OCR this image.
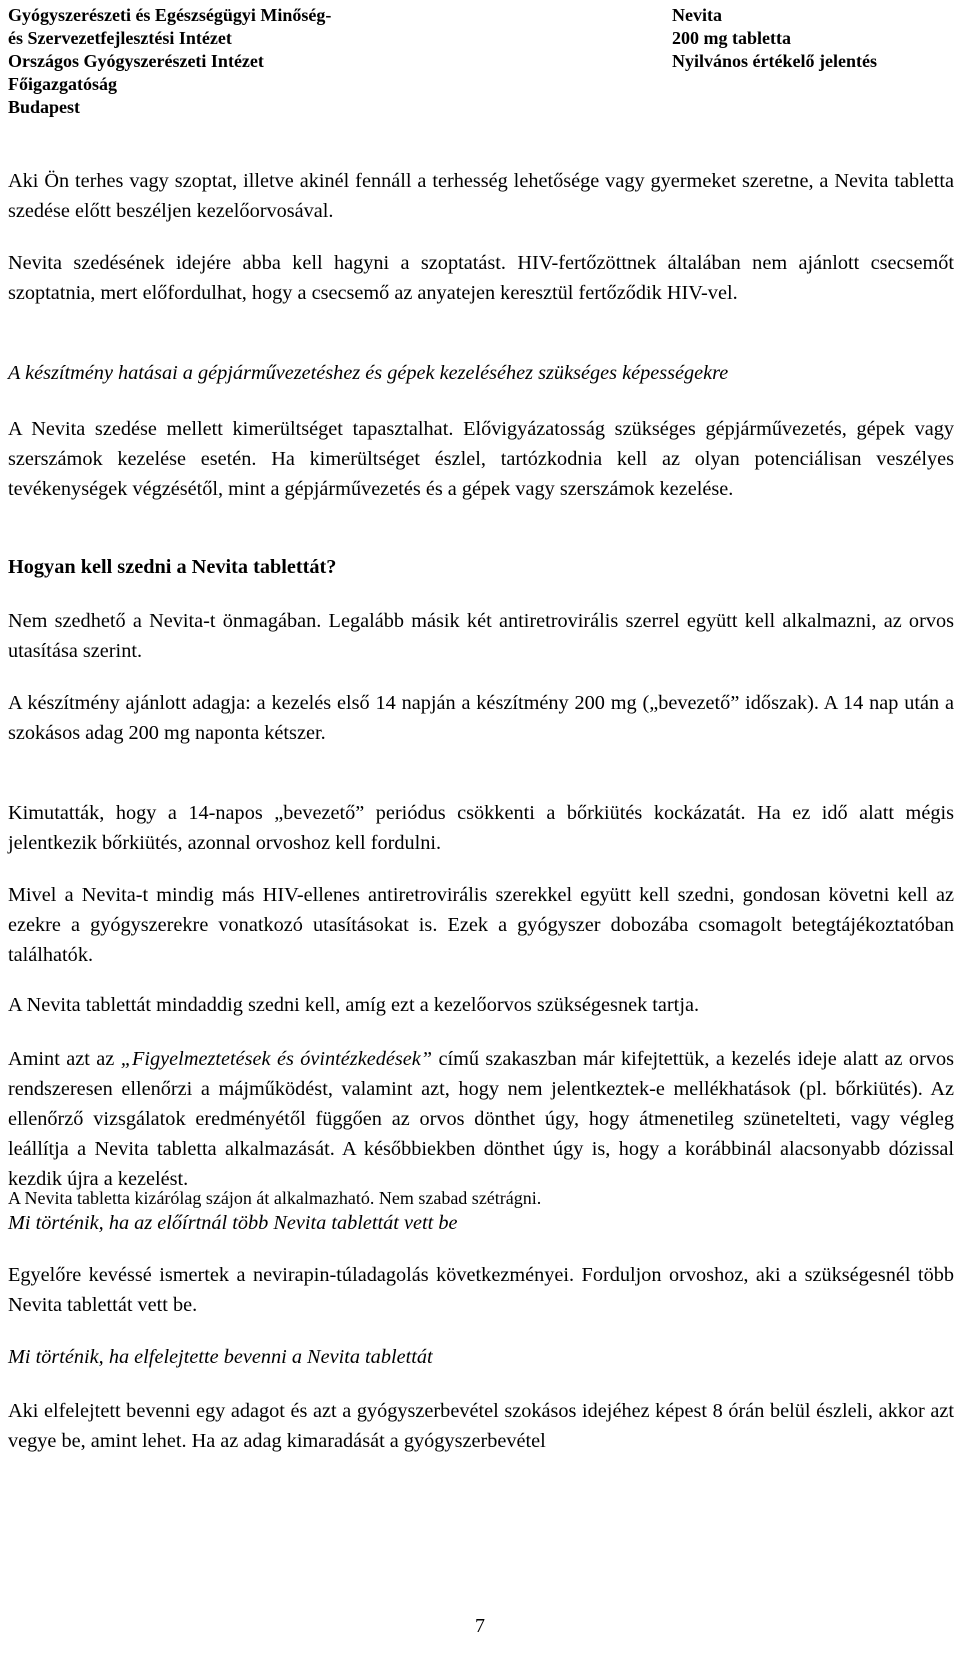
Gyógyszerészeti és Egészségügyi Minőség-
és Szervezetfejlesztési Intézet
Országos Gyógyszerészeti Intézet
Főigazgatóság
Budapest
Nevita
200 mg tabletta
Nyilvános értékelő jelentés

Aki Ön terhes vagy szoptat, illetve akinél fennáll a terhesség lehetősége vagy gyermeket szeretne, a Nevita tabletta szedése előtt beszéljen kezelőorvosával.

Nevita szedésének idejére abba kell hagyni a szoptatást. HIV-fertőzöttnek általában nem ajánlott csecsemőt szoptatnia, mert előfordulhat, hogy a csecsemő az anyatejen keresztül fertőződik HIV-vel.

A készítmény hatásai a gépjárművezetéshez és gépek kezeléséhez szükséges képességekre

A Nevita szedése mellett kimerültséget tapasztalhat. Elővigyázatosság szükséges gépjárművezetés, gépek vagy szerszámok kezelése esetén. Ha kimerültséget észlel, tartózkodnia kell az olyan potenciálisan veszélyes tevékenységek végzésétől, mint a gépjárművezetés és a gépek vagy szerszámok kezelése.

Hogyan kell szedni a Nevita tablettát?

Nem szedhető a Nevita-t önmagában. Legalább másik két antiretrovirális szerrel együtt kell alkalmazni, az orvos utasítása szerint.

A készítmény ajánlott adagja: a kezelés első 14 napján a készítmény 200 mg („bevezető” időszak). A 14 nap után a szokásos adag 200 mg naponta kétszer.

Kimutatták, hogy a 14-napos „bevezető” periódus csökkenti a bőrkiütés kockázatát. Ha ez idő alatt mégis jelentkezik bőrkiütés, azonnal orvoshoz kell fordulni.

Mivel a Nevita-t mindig más HIV-ellenes antiretrovirális szerekkel együtt kell szedni, gondosan követni kell az ezekre a gyógyszerekre vonatkozó utasításokat is. Ezek a gyógyszer dobozába csomagolt betegtájékoztatóban találhatók.

A Nevita tablettát mindaddig szedni kell, amíg ezt a kezelőorvos szükségesnek tartja.

Amint azt az „Figyelmeztetések és óvintézkedések” című szakaszban már kifejtettük, a kezelés ideje alatt az orvos rendszeresen ellenőrzi a májműködést, valamint azt, hogy nem jelentkeztek-e mellékhatások (pl. bőrkiütés). Az ellenőrző vizsgálatok eredményétől függően az orvos dönthet úgy, hogy átmenetileg szünetelteti, vagy végleg leállítja a Nevita tabletta alkalmazását. A későbbiekben dönthet úgy is, hogy a korábbinál alacsonyabb dózissal kezdik újra a kezelést.

A Nevita tabletta kizárólag szájon át alkalmazható. Nem szabad szétrágni.

Mi történik, ha az előírtnál több Nevita tablettát vett be

Egyelőre kevéssé ismertek a nevirapin-túladagolás következményei. Forduljon orvoshoz, aki a szükségesnél több Nevita tablettát vett be.

Mi történik, ha elfelejtette bevenni a Nevita tablettát

Aki elfelejtett bevenni egy adagot és azt a gyógyszerbevétel szokásos idejéhez képest 8 órán belül észleli, akkor azt vegye be, amint lehet. Ha az adag kimaradását a gyógyszerbevétel

7
